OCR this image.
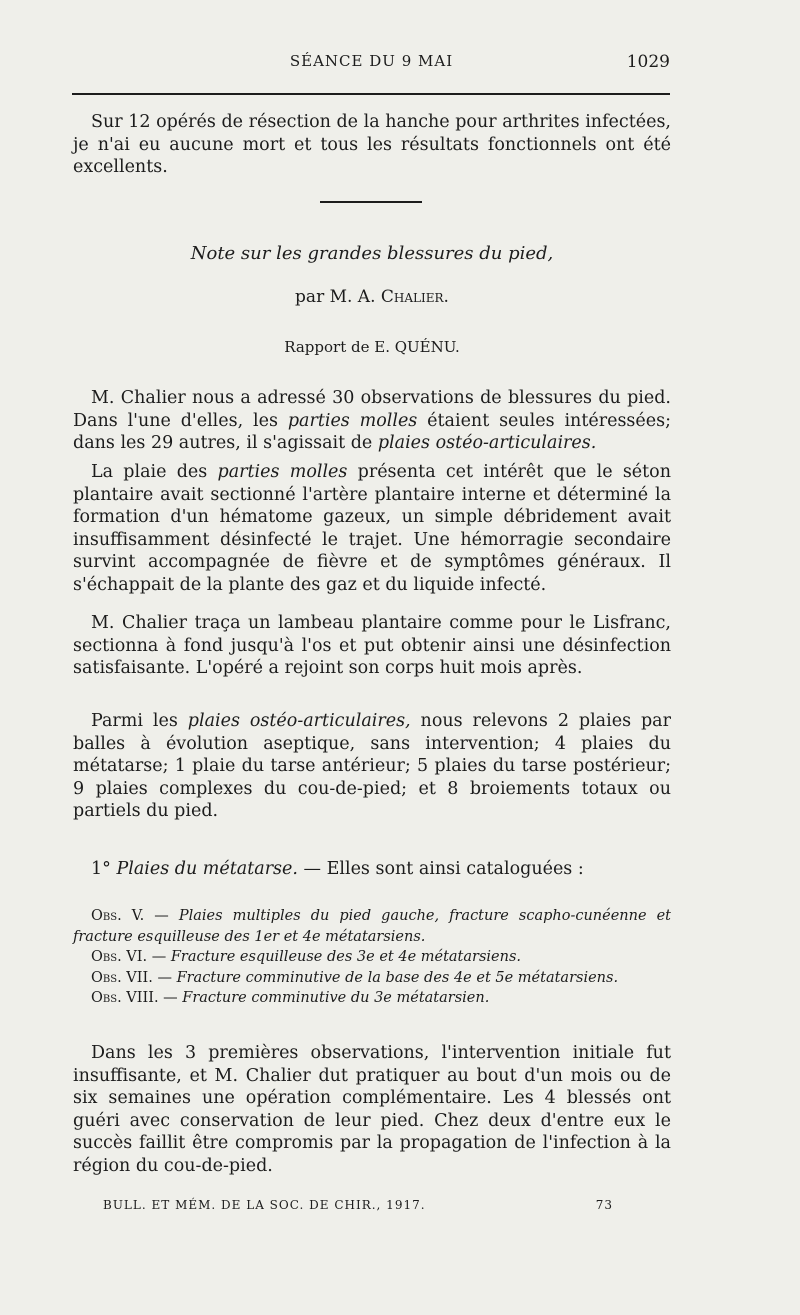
SÉANCE DU 9 MAI	1029

Sur 12 opérés de résection de la hanche pour arthrites infectées, je n'ai eu aucune mort et tous les résultats fonctionnels ont été excellents.

Note sur les grandes blessures du pied,

par M. A. Chalier.

Rapport de E. QUÉNU.

M. Chalier nous a adressé 30 observations de blessures du pied. Dans l'une d'elles, les parties molles étaient seules intéressées; dans les 29 autres, il s'agissait de plaies ostéo-articulaires.

La plaie des parties molles présenta cet intérêt que le séton plantaire avait sectionné l'artère plantaire interne et déterminé la formation d'un hématome gazeux, un simple débridement avait insuffisamment désinfecté le trajet. Une hémorragie secondaire survint accompagnée de fièvre et de symptômes généraux. Il s'échappait de la plante des gaz et du liquide infecté.

M. Chalier traça un lambeau plantaire comme pour le Lisfranc, sectionna à fond jusqu'à l'os et put obtenir ainsi une désinfection satisfaisante. L'opéré a rejoint son corps huit mois après.

Parmi les plaies ostéo-articulaires, nous relevons 2 plaies par balles à évolution aseptique, sans intervention; 4 plaies du métatarse; 1 plaie du tarse antérieur; 5 plaies du tarse postérieur; 9 plaies complexes du cou-de-pied; et 8 broiements totaux ou partiels du pied.

1° Plaies du métatarse. — Elles sont ainsi cataloguées :

Obs. V. — Plaies multiples du pied gauche, fracture scapho-cunéenne et fracture esquilleuse des 1er et 4e métatarsiens.

Obs. VI. — Fracture esquilleuse des 3e et 4e métatarsiens.

Obs. VII. — Fracture comminutive de la base des 4e et 5e métatarsiens.

Obs. VIII. — Fracture comminutive du 3e métatarsien.

Dans les 3 premières observations, l'intervention initiale fut insuffisante, et M. Chalier dut pratiquer au bout d'un mois ou de six semaines une opération complémentaire. Les 4 blessés ont guéri avec conservation de leur pied. Chez deux d'entre eux le succès faillit être compromis par la propagation de l'infection à la région du cou-de-pied.

BULL. ET MÉM. DE LA SOC. DE CHIR., 1917.	73
